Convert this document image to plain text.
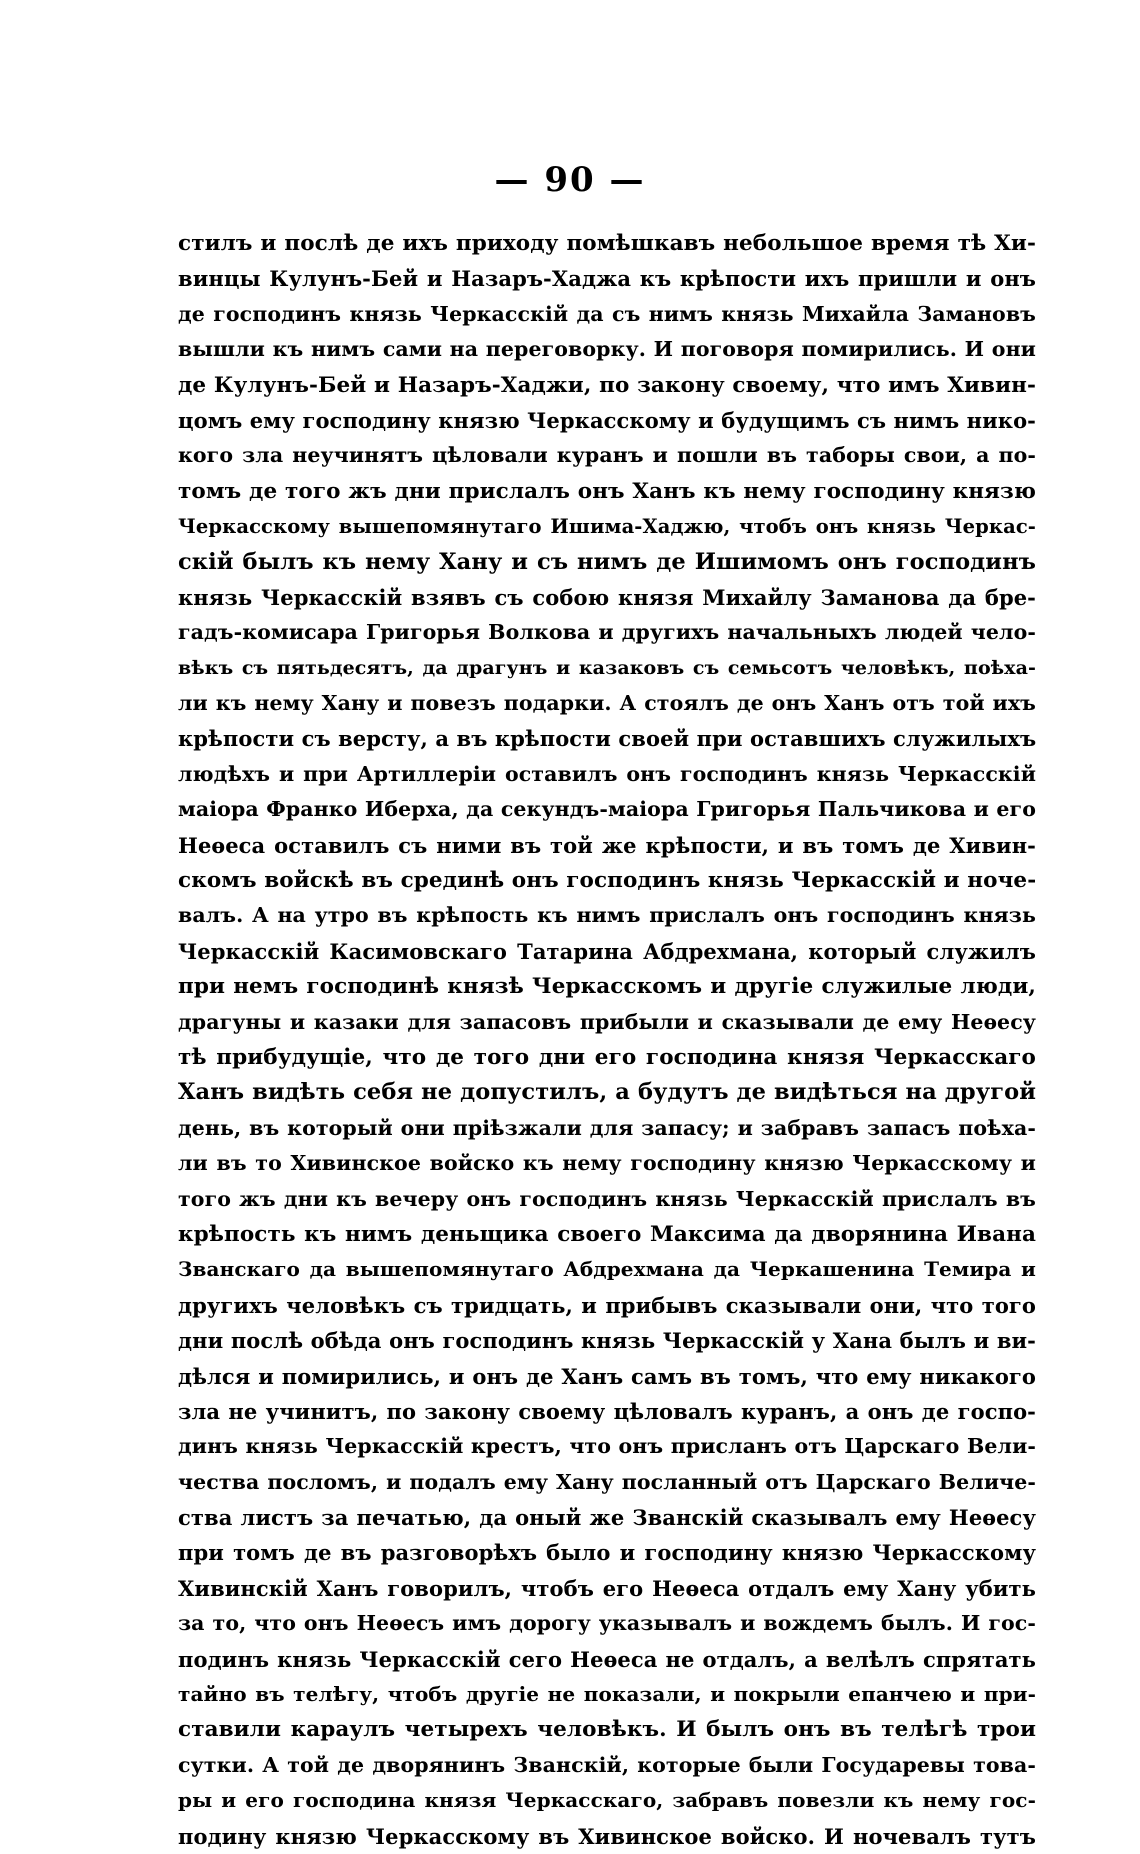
— 90 —
стилъ и послѣ де ихъ приходу помѣшкавъ небольшое время тѣ Хи-
винцы Кулунъ-Бей и Назаръ-Хаджа къ крѣпости ихъ пришли и онъ
де господинъ князь Черкасскій да съ нимъ князь Михайла Замановъ
вышли къ нимъ сами на переговорку. И поговоря помирились. И они
де Кулунъ-Бей и Назаръ-Хаджи, по закону своему, что имъ Хивин-
цомъ ему господину князю Черкасскому и будущимъ съ нимъ нико-
кого зла неучинятъ цѣловали куранъ и пошли въ таборы свои, а по-
томъ де того жъ дни прислалъ онъ Ханъ къ нему господину князю
Черкасскому вышепомянутаго Ишима-Хаджю, чтобъ онъ князь Черкас-
скій былъ къ нему Хану и съ нимъ де Ишимомъ онъ господинъ
князь Черкасскій взявъ съ собою князя Михайлу Заманова да бре-
гадъ-комисара Григорья Волкова и другихъ начальныхъ людей чело-
вѣкъ съ пятьдесятъ, да драгунъ и казаковъ съ семьсотъ человѣкъ, поѣха-
ли къ нему Хану и повезъ подарки. А стоялъ де онъ Ханъ отъ той ихъ
крѣпости съ версту, а въ крѣпости своей при оставшихъ служилыхъ
людѣхъ и при Артиллеріи оставилъ онъ господинъ князь Черкасскій
маіора Франко Иберха, да секундъ-маіора Григорья Пальчикова и его
Неѳеса оставилъ съ ними въ той же крѣпости, и въ томъ де Хивин-
скомъ войскѣ въ срединѣ онъ господинъ князь Черкасскій и ноче-
валъ. А на утро въ крѣпость къ нимъ прислалъ онъ господинъ князь
Черкасскій Касимовскаго Татарина Абдрехмана, который служилъ
при немъ господинѣ князѣ Черкасскомъ и другіе служилые люди,
драгуны и казаки для запасовъ прибыли и сказывали де ему Неѳесу
тѣ прибудущіе, что де того дни его господина князя Черкасскаго
Ханъ видѣть себя не допустилъ, а будутъ де видѣться на другой
день, въ который они пріѣзжали для запасу; и забравъ запасъ поѣха-
ли въ то Хивинское войско къ нему господину князю Черкасскому и
того жъ дни къ вечеру онъ господинъ князь Черкасскій прислалъ въ
крѣпость къ нимъ деньщика своего Максима да дворянина Ивана
Званскаго да вышепомянутаго Абдрехмана да Черкашенина Темира и
другихъ человѣкъ съ тридцать, и прибывъ сказывали они, что того
дни послѣ обѣда онъ господинъ князь Черкасскій у Хана былъ и ви-
дѣлся и помирились, и онъ де Ханъ самъ въ томъ, что ему никакого
зла не учинитъ, по закону своему цѣловалъ куранъ, а онъ де госпо-
динъ князь Черкасскій крестъ, что онъ присланъ отъ Царскаго Вели-
чества посломъ, и подалъ ему Хану посланный отъ Царскаго Величе-
ства листъ за печатью, да оный же Званскій сказывалъ ему Неѳесу
при томъ де въ разговорѣхъ было и господину князю Черкасскому
Хивинскій Ханъ говорилъ, чтобъ его Неѳеса отдалъ ему Хану убить
за то, что онъ Неѳесъ имъ дорогу указывалъ и вождемъ былъ. И гос-
подинъ князь Черкасскій сего Неѳеса не отдалъ, а велѣлъ спрятать
тайно въ телѣгу, чтобъ другіе не показали, и покрыли епанчею и при-
ставили караулъ четырехъ человѣкъ. И былъ онъ въ телѣгѣ трои
сутки. А той де дворянинъ Званскій, которые были Государевы това-
ры и его господина князя Черкасскаго, забравъ повезли къ нему гос-
подину князю Черкасскому въ Хивинское войско. И ночевалъ тутъ
